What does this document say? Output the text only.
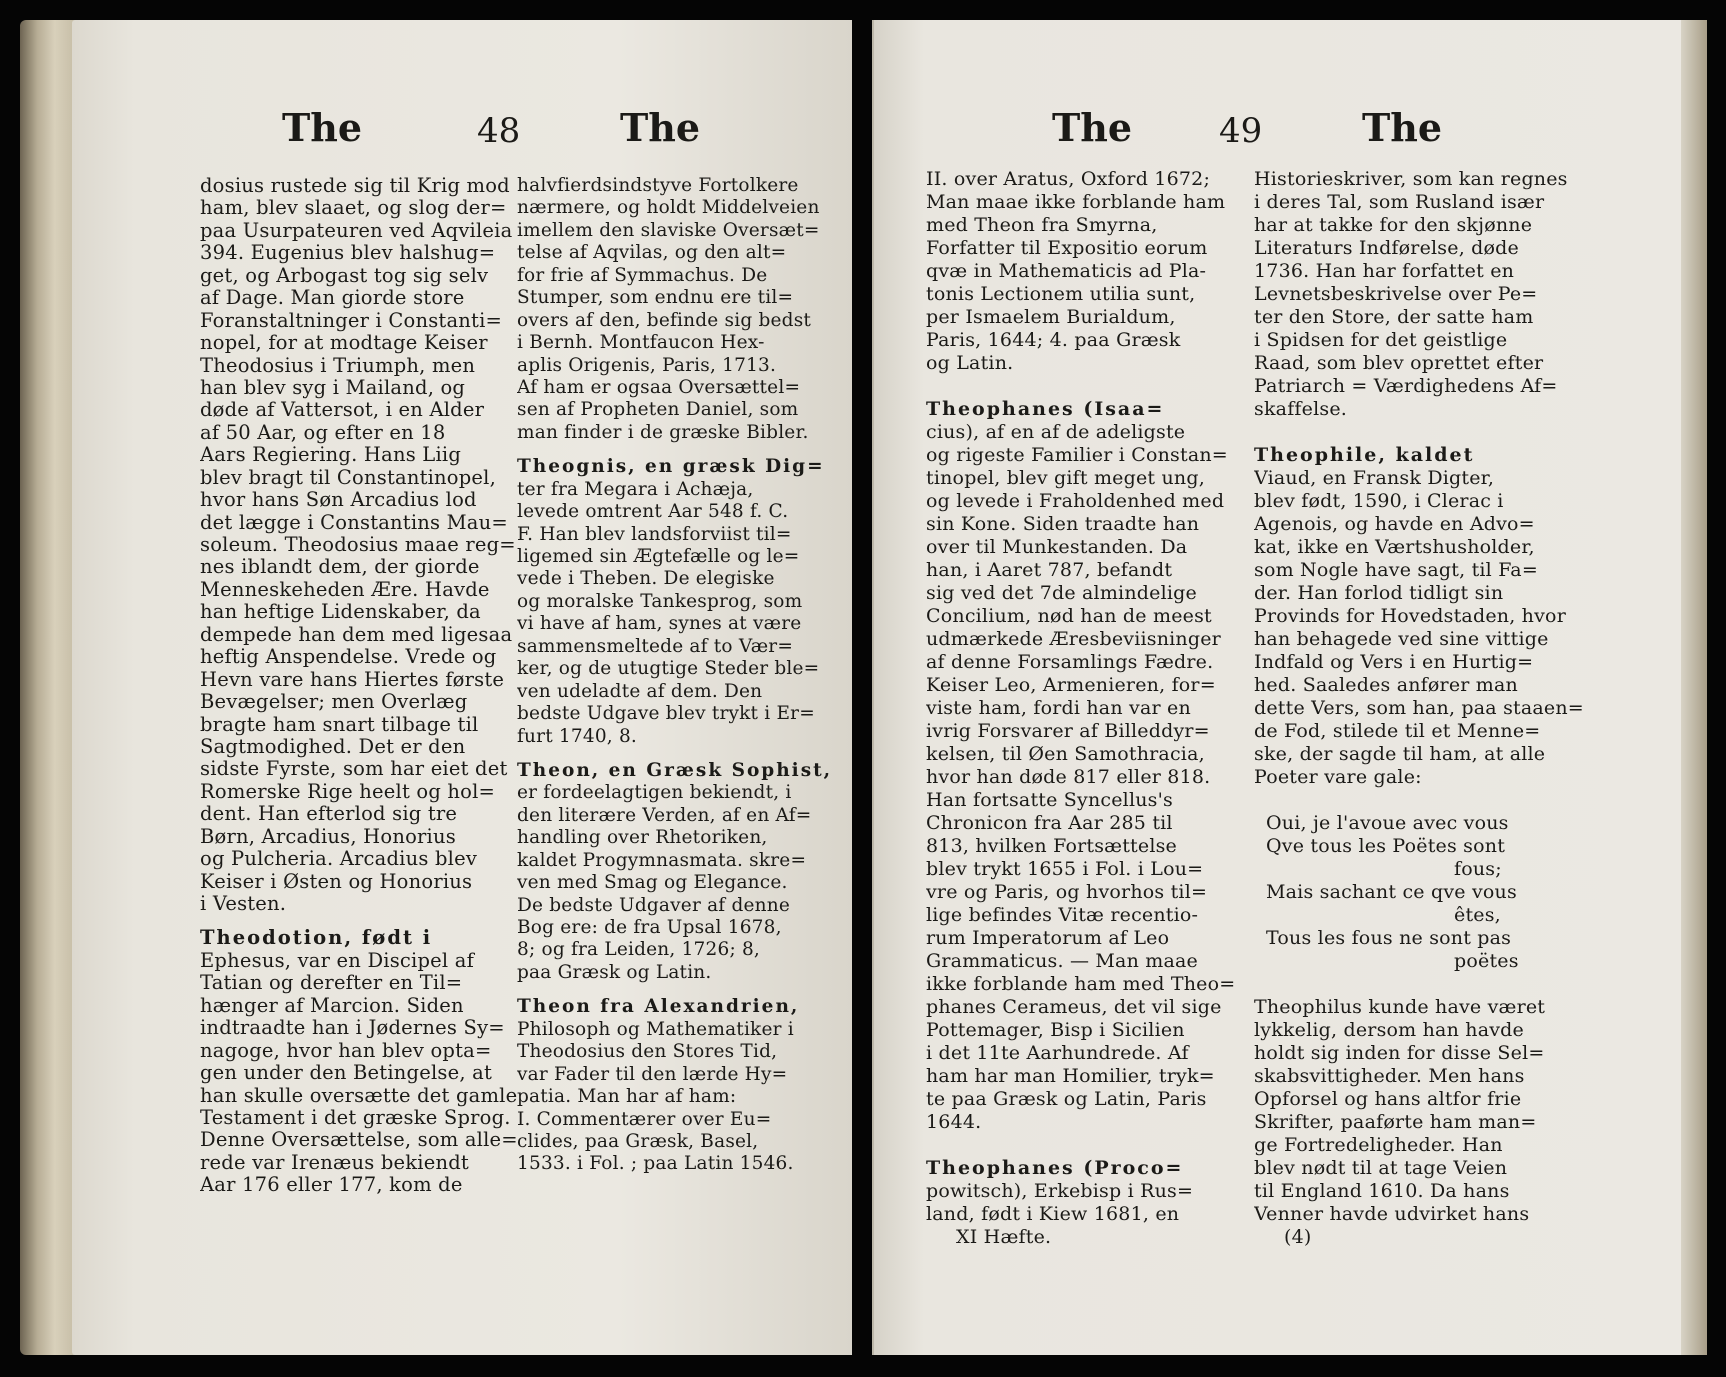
The	48	The
dosius rustede sig til Krig mod
ham, blev slaaet, og slog der=
paa Usurpateuren ved Aqvileia
394. Eugenius blev halshug=
get, og Arbogast tog sig selv
af Dage. Man giorde store
Foranstaltninger i Constanti=
nopel, for at modtage Keiser
Theodosius i Triumph, men
han blev syg i Mailand, og
døde af Vattersot, i en Alder
af 50 Aar, og efter en 18
Aars Regiering. Hans Liig
blev bragt til Constantinopel,
hvor hans Søn Arcadius lod
det lægge i Constantins Mau=
soleum. Theodosius maae reg=
nes iblandt dem, der giorde
Menneskeheden Ære. Havde
han heftige Lidenskaber, da
dempede han dem med ligesaa
heftig Anspendelse. Vrede og
Hevn vare hans Hiertes første
Bevægelser; men Overlæg
bragte ham snart tilbage til
Sagtmodighed. Det er den
sidste Fyrste, som har eiet det
Romerske Rige heelt og hol=
dent. Han efterlod sig tre
Børn, Arcadius, Honorius
og Pulcheria. Arcadius blev
Keiser i Østen og Honorius
i Vesten.
Theodotion, født i
Ephesus, var en Discipel af
Tatian og derefter en Til=
hænger af Marcion. Siden
indtraadte han i Jødernes Sy=
nagoge, hvor han blev opta=
gen under den Betingelse, at
han skulle oversætte det gamle
Testament i det græske Sprog.
Denne Oversættelse, som alle=
rede var Irenæus bekiendt
Aar 176 eller 177, kom de
halvfierdsindstyve Fortolkere
nærmere, og holdt Middelveien
imellem den slaviske Oversæt=
telse af Aqvilas, og den alt=
for frie af Symmachus. De
Stumper, som endnu ere til=
overs af den, befinde sig bedst
i Bernh. Montfaucon Hex-
aplis Origenis, Paris, 1713.
Af ham er ogsaa Oversættel=
sen af Propheten Daniel, som
man finder i de græske Bibler.
Theognis, en græsk Dig=
ter fra Megara i Achæja,
levede omtrent Aar 548 f. C.
F. Han blev landsforviist til=
ligemed sin Ægtefælle og le=
vede i Theben. De elegiske
og moralske Tankesprog, som
vi have af ham, synes at være
sammensmeltede af to Vær=
ker, og de utugtige Steder ble=
ven udeladte af dem. Den
bedste Udgave blev trykt i Er=
furt 1740, 8.
Theon, en Græsk Sophist,
er fordeelagtigen bekiendt, i
den literære Verden, af en Af=
handling over Rhetoriken,
kaldet Progymnasmata. skre=
ven med Smag og Elegance.
De bedste Udgaver af denne
Bog ere: de fra Upsal 1678,
8; og fra Leiden, 1726; 8,
paa Græsk og Latin.
Theon fra Alexandrien,
Philosoph og Mathematiker i
Theodosius den Stores Tid,
var Fader til den lærde Hy=
patia. Man har af ham:
I. Commentærer over Eu=
clides, paa Græsk, Basel,
1533. i Fol. ; paa Latin 1546.
The	49	The
II. over Aratus, Oxford 1672;
Man maae ikke forblande ham
med Theon fra Smyrna,
Forfatter til Expositio eorum
qvæ in Mathematicis ad Pla-
tonis Lectionem utilia sunt,
per Ismaelem Burialdum,
Paris, 1644; 4. paa Græsk
og Latin.
Theophanes (Isaa=
cius), af en af de adeligste
og rigeste Familier i Constan=
tinopel, blev gift meget ung,
og levede i Fraholdenhed med
sin Kone. Siden traadte han
over til Munkestanden. Da
han, i Aaret 787, befandt
sig ved det 7de almindelige
Concilium, nød han de meest
udmærkede Æresbeviisninger
af denne Forsamlings Fædre.
Keiser Leo, Armenieren, for=
viste ham, fordi han var en
ivrig Forsvarer af Billeddyr=
kelsen, til Øen Samothracia,
hvor han døde 817 eller 818.
Han fortsatte Syncellus's
Chronicon fra Aar 285 til
813, hvilken Fortsættelse
blev trykt 1655 i Fol. i Lou=
vre og Paris, og hvorhos til=
lige befindes Vitæ recentio-
rum Imperatorum af Leo
Grammaticus. — Man maae
ikke forblande ham med Theo=
phanes Cerameus, det vil sige
Pottemager, Bisp i Sicilien
i det 11te Aarhundrede. Af
ham har man Homilier, tryk=
te paa Græsk og Latin, Paris
1644.
Theophanes (Proco=
powitsch), Erkebisp i Rus=
land, født i Kiew 1681, en
XI Hæfte.
Historieskriver, som kan regnes
i deres Tal, som Rusland især
har at takke for den skjønne
Literaturs Indførelse, døde
1736. Han har forfattet en
Levnetsbeskrivelse over Pe=
ter den Store, der satte ham
i Spidsen for det geistlige
Raad, som blev oprettet efter
Patriarch = Værdighedens Af=
skaffelse.
Theophile, kaldet
Viaud, en Fransk Digter,
blev født, 1590, i Clerac i
Agenois, og havde en Advo=
kat, ikke en Værtshusholder,
som Nogle have sagt, til Fa=
der. Han forlod tidligt sin
Provinds for Hovedstaden, hvor
han behagede ved sine vittige
Indfald og Vers i en Hurtig=
hed. Saaledes anfører man
dette Vers, som han, paa staaen=
de Fod, stilede til et Menne=
ske, der sagde til ham, at alle
Poeter vare gale:
Oui, je l'avoue avec vous
Qve tous les Poëtes sont
fous;
Mais sachant ce qve vous
êtes,
Tous les fous ne sont pas
poëtes
Theophilus kunde have været
lykkelig, dersom han havde
holdt sig inden for disse Sel=
skabsvittigheder. Men hans
Opforsel og hans altfor frie
Skrifter, paaførte ham man=
ge Fortredeligheder. Han
blev nødt til at tage Veien
til England 1610. Da hans
Venner havde udvirket hans
(4)
